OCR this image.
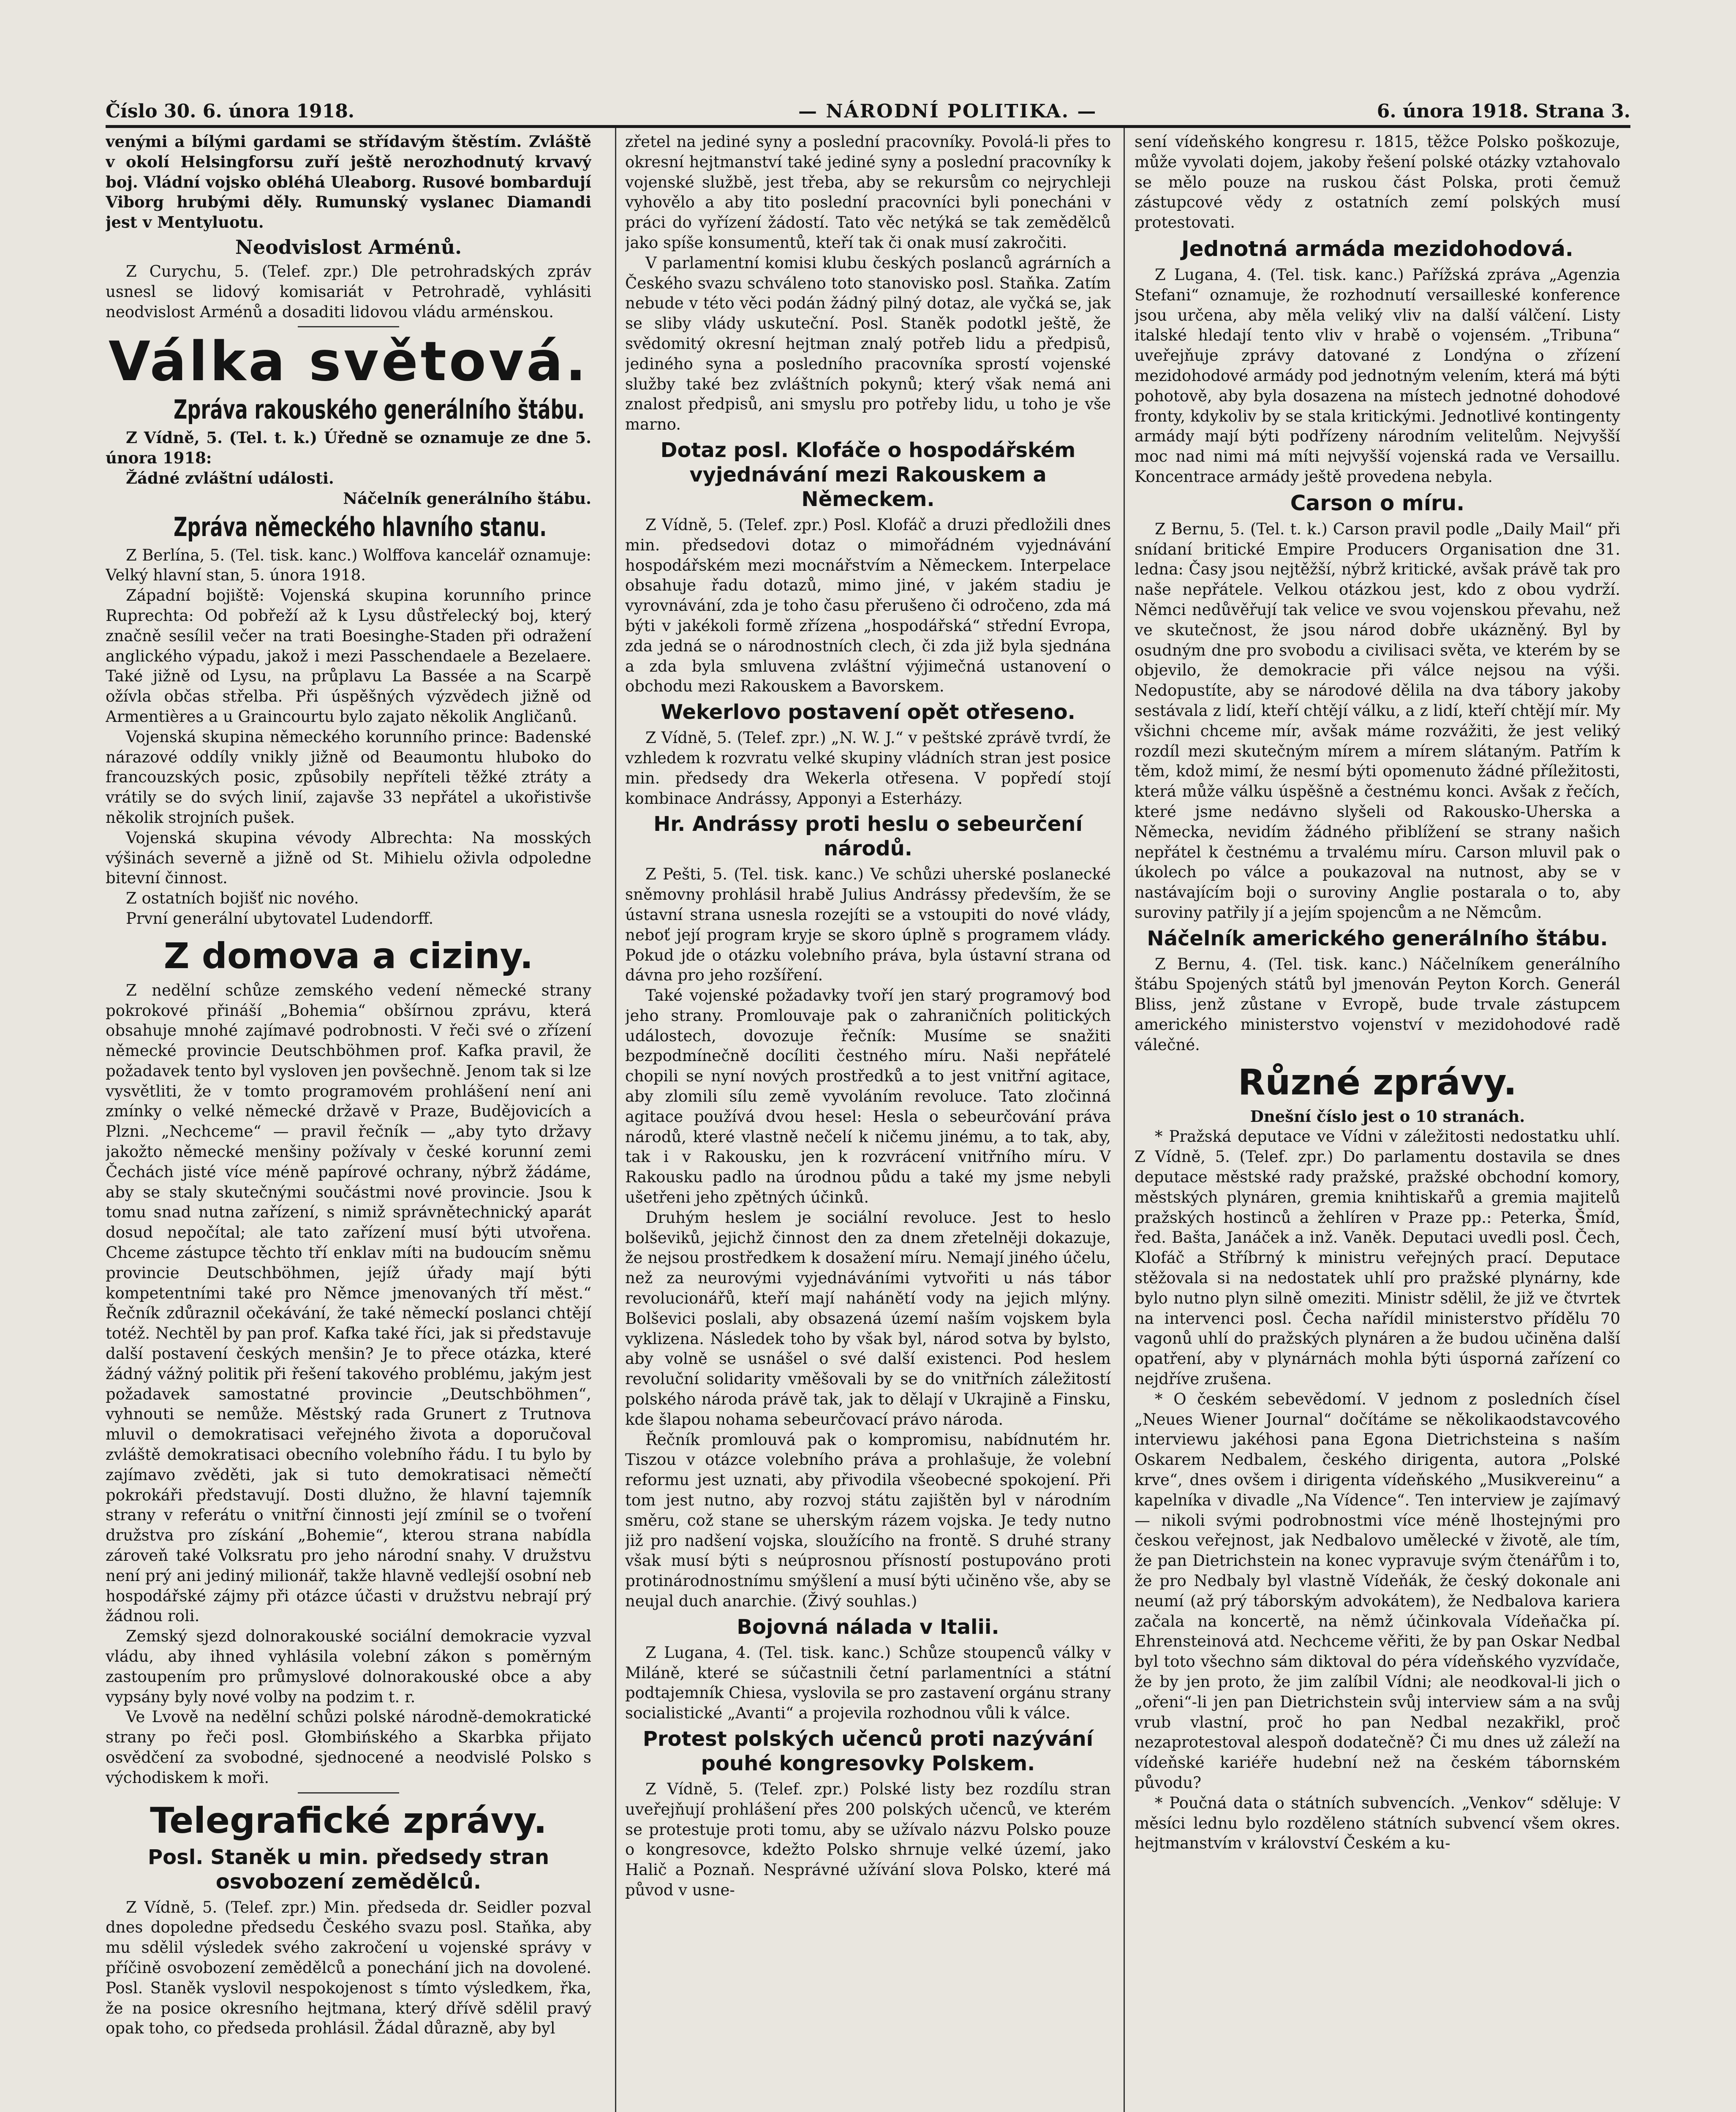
Číslo 30. 6. února 1918.	— NÁRODNÍ POLITIKA. —	6. února 1918. Strana 3.

venými a bílými gardami se střídavým štěstím. Zvláště v okolí Helsingforsu zuří ještě nerozhodnutý krvavý boj. Vládní vojsko obléhá Uleaborg. Rusové bombardují Viborg hrubými děly. Rumunský vyslanec Diamandi jest v Mentyluotu.

Neodvislost Arménů.

Z Curychu, 5. (Telef. zpr.) Dle petrohradských zpráv usnesl se lidový komisariát v Petrohradě, vyhlásiti neodvislost Arménů a dosaditi lidovou vládu arménskou.

Válka světová.
Zpráva rakouského generálního štábu.

Z Vídně, 5. (Tel. t. k.) Úředně se oznamuje ze dne 5. února 1918:

Žádné zvláštní události.

Náčelník generálního štábu.

Zpráva německého hlavního stanu.

Z Berlína, 5. (Tel. tisk. kanc.) Wolffova kancelář oznamuje: Velký hlavní stan, 5. února 1918.

Západní bojiště: Vojenská skupina korunního prince Ruprechta: Od pobřeží až k Lysu důstřelecký boj, který značně sesílil večer na trati Boesinghe-Staden při odražení anglického výpadu, jakož i mezi Passchendaele a Bezelaere. Také jižně od Lysu, na průplavu La Bassée a na Scarpě ožívla občas střelba. Při úspěšných výzvědech jižně od Armentières a u Graincourtu bylo zajato několik Angličanů.

Vojenská skupina německého korunního prince: Badenské nárazové oddíly vnikly jižně od Beaumontu hluboko do francouzských posic, způsobily nepříteli těžké ztráty a vrátily se do svých linií, zajavše 33 nepřátel a ukořistivše několik strojních pušek.

Vojenská skupina vévody Albrechta: Na mosských výšinách severně a jižně od St. Mihielu oživla odpoledne bitevní činnost.

Z ostatních bojišť nic nového.

První generální ubytovatel Ludendorff.

Z domova a ciziny.

Z nedělní schůze zemského vedení německé strany pokrokové přináší „Bohemia“ obšírnou zprávu, která obsahuje mnohé zajímavé podrobnosti. V řeči své o zřízení německé provincie Deutschböhmen prof. Kafka pravil, že požadavek tento byl vysloven jen povšechně. Jenom tak si lze vysvětliti, že v tomto programovém prohlášení není ani zmínky o velké německé državě v Praze, Budějovicích a Plzni. „Nechceme“ — pravil řečník — „aby tyto državy jakožto německé menšiny požívaly v české korunní zemi Čechách jisté více méně papírové ochrany, nýbrž žádáme, aby se staly skutečnými součástmi nové provincie. Jsou k tomu snad nutna zařízení, s nimiž správnětechnický aparát dosud nepočítal; ale tato zařízení musí býti utvořena. Chceme zástupce těchto tří enklav míti na budoucím sněmu provincie Deutschböhmen, jejíž úřady mají býti kompetentními také pro Němce jmenovaných tří měst.“ Řečník zdůraznil očekávání, že také německí poslanci chtějí totéž. Nechtěl by pan prof. Kafka také říci, jak si představuje další postavení českých menšin? Je to přece otázka, které žádný vážný politik při řešení takového problému, jakým jest požadavek samostatné provincie „Deutschböhmen“, vyhnouti se nemůže. Městský rada Grunert z Trutnova mluvil o demokratisaci veřejného života a doporučoval zvláště demokratisaci obecního volebního řádu. I tu bylo by zajímavo zvěděti, jak si tuto demokratisaci němečtí pokrokáři představují. Dosti dlužno, že hlavní tajemník strany v referátu o vnitřní činnosti její zmínil se o tvoření družstva pro získání „Bohemie“, kterou strana nabídla zároveň také Volksratu pro jeho národní snahy. V družstvu není prý ani jediný milionář, takže hlavně vedlejší osobní neb hospodářské zájmy při otázce účasti v družstvu nebrají prý žádnou roli.

Zemský sjezd dolnorakouské sociální demokracie vyzval vládu, aby ihned vyhlásila volební zákon s poměrným zastoupením pro průmyslové dolnorakouské obce a aby vypsány byly nové volby na podzim t. r.

Ve Lvově na nedělní schůzi polské národně-demokratické strany po řeči posl. Głombińského a Skarbka přijato osvědčení za svobodné, sjednocené a neodvislé Polsko s východiskem k moři.

Telegrafické zprávy.
Posl. Staněk u min. předsedy stran osvobození zemědělců.

Z Vídně, 5. (Telef. zpr.) Min. předseda dr. Seidler pozval dnes dopoledne předsedu Českého svazu posl. Staňka, aby mu sdělil výsledek svého zakročení u vojenské správy v příčině osvobození zemědělců a ponechání jich na dovolené. Posl. Staněk vyslovil nespokojenost s tímto výsledkem, řka, že na posice okresního hejtmana, který dřívě sdělil pravý opak toho, co předseda prohlásil. Žádal důrazně, aby byl

zřetel na jediné syny a poslední pracovníky. Povolá-li přes to okresní hejtmanství také jediné syny a poslední pracovníky k vojenské službě, jest třeba, aby se rekursům co nejrychleji vyhovělo a aby tito poslední pracovníci byli ponecháni v práci do vyřízení žádostí. Tato věc netýká se tak zemědělců jako spíše konsumentů, kteří tak či onak musí zakročiti.

V parlamentní komisi klubu českých poslanců agrárních a Českého svazu schváleno toto stanovisko posl. Staňka. Zatím nebude v této věci podán žádný pilný dotaz, ale vyčká se, jak se sliby vlády uskuteční. Posl. Staněk podotkl ještě, že svědomitý okresní hejtman znalý potřeb lidu a předpisů, jediného syna a posledního pracovníka sprostí vojenské služby také bez zvláštních pokynů; který však nemá ani znalost předpisů, ani smyslu pro potřeby lidu, u toho je vše marno.

Dotaz posl. Klofáče o hospodářském vyjednávání mezi Rakouskem a Německem.

Z Vídně, 5. (Telef. zpr.) Posl. Klofáč a druzi předložili dnes min. předsedovi dotaz o mimořádném vyjednávání hospodářském mezi mocnářstvím a Německem. Interpelace obsahuje řadu dotazů, mimo jiné, v jakém stadiu je vyrovnávání, zda je toho času přerušeno či odročeno, zda má býti v jakékoli formě zřízena „hospodářská“ střední Evropa, zda jedná se o národnostních clech, či zda již byla sjednána a zda byla smluvena zvláštní výjimečná ustanovení o obchodu mezi Rakouskem a Bavorskem.

Wekerlovo postavení opět otřeseno.

Z Vídně, 5. (Telef. zpr.) „N. W. J.“ v peštské zprávě tvrdí, že vzhledem k rozvratu velké skupiny vládních stran jest posice min. předsedy dra Wekerla otřesena. V popředí stojí kombinace Andrássy, Apponyi a Esterházy.

Hr. Andrássy proti heslu o sebeurčení národů.

Z Pešti, 5. (Tel. tisk. kanc.) Ve schůzi uherské poslanecké sněmovny prohlásil hrabě Julius Andrássy především, že se ústavní strana usnesla rozejíti se a vstoupiti do nové vlády, neboť její program kryje se skoro úplně s programem vlády. Pokud jde o otázku volebního práva, byla ústavní strana od dávna pro jeho rozšíření.

Také vojenské požadavky tvoří jen starý programový bod jeho strany. Promlouvaje pak o zahraničních politických událostech, dovozuje řečník: Musíme se snažiti bezpodmínečně docíliti čestného míru. Naši nepřátelé chopili se nyní nových prostředků a to jest vnitřní agitace, aby zlomili sílu země vyvoláním revoluce. Tato zločinná agitace používá dvou hesel: Hesla o sebeurčování práva národů, které vlastně nečelí k ničemu jinému, a to tak, aby, tak i v Rakousku, jen k rozvrácení vnitřního míru. V Rakousku padlo na úrodnou půdu a také my jsme nebyli ušetřeni jeho zpětných účinků.

Druhým heslem je sociální revoluce. Jest to heslo bolševiků, jejichž činnost den za dnem zřetelněji dokazuje, že nejsou prostředkem k dosažení míru. Nemají jiného účelu, než za neurovými vyjednáváními vytvořiti u nás tábor revolucionářů, kteří mají nahánětí vody na jejich mlýny. Bolševici poslali, aby obsazená území naším vojskem byla vyklizena. Následek toho by však byl, národ sotva by bylsto, aby volně se usnášel o své další existenci. Pod heslem revoluční solidarity vměšovali by se do vnitřních záležitostí polského národa právě tak, jak to dělají v Ukrajině a Finsku, kde šlapou nohama sebeurčovací právo národa.

Řečník promlouvá pak o kompromisu, nabídnutém hr. Tiszou v otázce volebního práva a prohlašuje, že volební reformu jest uznati, aby přivodila všeobecné spokojení. Při tom jest nutno, aby rozvoj státu zajištěn byl v národním směru, což stane se uherským rázem vojska. Je tedy nutno již pro nadšení vojska, sloužícího na frontě. S druhé strany však musí býti s neúprosnou přísností postupováno proti protinárodnostnímu smýšlení a musí býti učiněno vše, aby se neujal duch anarchie. (Živý souhlas.)

Bojovná nálada v Italii.

Z Lugana, 4. (Tel. tisk. kanc.) Schůze stoupenců války v Miláně, které se súčastnili četní parlamentníci a státní podtajemník Chiesa, vyslovila se pro zastavení orgánu strany socialistické „Avanti“ a projevila rozhodnou vůli k válce.

Protest polských učenců proti nazývání pouhé kongresovky Polskem.

Z Vídně, 5. (Telef. zpr.) Polské listy bez rozdílu stran uveřejňují prohlášení přes 200 polských učenců, ve kterém se protestuje proti tomu, aby se užívalo názvu Polsko pouze o kongresovce, kdežto Polsko shrnuje velké území, jako Halič a Poznaň. Nesprávné užívání slova Polsko, které má původ v usne-

sení vídeňského kongresu r. 1815, těžce Polsko poškozuje, může vyvolati dojem, jakoby řešení polské otázky vztahovalo se mělo pouze na ruskou část Polska, proti čemuž zástupcové vědy z ostatních zemí polských musí protestovati.

Jednotná armáda mezidohodová.

Z Lugana, 4. (Tel. tisk. kanc.) Pařížská zpráva „Agenzia Stefani“ oznamuje, že rozhodnutí versailleské konference jsou určena, aby měla veliký vliv na další válčení. Listy italské hledají tento vliv v hrabě o vojensém. „Tribuna“ uveřejňuje zprávy datované z Londýna o zřízení mezidohodové armády pod jednotným velením, která má býti pohotově, aby byla dosazena na místech jednotné dohodové fronty, kdykoliv by se stala kritickými. Jednotlivé kontingenty armády mají býti podřízeny národním velitelům. Nejvyšší moc nad nimi má míti nejvyšší vojenská rada ve Versaillu. Koncentrace armády ještě provedena nebyla.

Carson o míru.

Z Bernu, 5. (Tel. t. k.) Carson pravil podle „Daily Mail“ při snídaní britické Empire Producers Organisation dne 31. ledna: Časy jsou nejtěžší, nýbrž kritické, avšak právě tak pro naše nepřátele. Velkou otázkou jest, kdo z obou vydrží. Němci nedůvěřují tak velice ve svou vojenskou převahu, než ve skutečnost, že jsou národ dobře ukázněný. Byl by osudným dne pro svobodu a civilisaci světa, ve kterém by se objevilo, že demokracie při válce nejsou na výši. Nedopustíte, aby se národové dělila na dva tábory jakoby sestávala z lidí, kteří chtějí válku, a z lidí, kteří chtějí mír. My všichni chceme mír, avšak máme rozvážiti, že jest veliký rozdíl mezi skutečným mírem a mírem slátaným. Patřím k těm, kdož mimí, že nesmí býti opomenuto žádné příležitosti, která může válku úspěšně a čestnému konci. Avšak z řečích, které jsme nedávno slyšeli od Rakousko-Uherska a Německa, nevidím žádného přiblížení se strany našich nepřátel k čestnému a trvalému míru. Carson mluvil pak o úkolech po válce a poukazoval na nutnost, aby se v nastávajícím boji o suroviny Anglie postarala o to, aby suroviny patřily jí a jejím spojencům a ne Němcům.

Náčelník amerického generálního štábu.

Z Bernu, 4. (Tel. tisk. kanc.) Náčelníkem generálního štábu Spojených států byl jmenován Peyton Korch. Generál Bliss, jenž zůstane v Evropě, bude trvale zástupcem amerického ministerstvo vojenství v mezidohodové radě válečné.

Různé zprávy.

Dnešní číslo jest o 10 stranách.

* Pražská deputace ve Vídni v záležitosti nedostatku uhlí. Z Vídně, 5. (Telef. zpr.) Do parlamentu dostavila se dnes deputace městské rady pražské, pražské obchodní komory, městských plynáren, gremia knihtiskařů a gremia majitelů pražských hostinců a žehlíren v Praze pp.: Peterka, Šmíd, řed. Bašta, Janáček a inž. Vaněk. Deputaci uvedli posl. Čech, Klofáč a Stříbrný k ministru veřejných prací. Deputace stěžovala si na nedostatek uhlí pro pražské plynárny, kde bylo nutno plyn silně omeziti. Ministr sdělil, že již ve čtvrtek na intervenci posl. Čecha nařídil ministerstvo přídělu 70 vagonů uhlí do pražských plynáren a že budou učiněna další opatření, aby v plynárnách mohla býti úsporná zařízení co nejdříve zrušena.

* O českém sebevědomí. V jednom z posledních čísel „Neues Wiener Journal“ dočítáme se několikaodstavcového interviewu jakéhosi pana Egona Dietrichsteina s naším Oskarem Nedbalem, českého dirigenta, autora „Polské krve“, dnes ovšem i dirigenta vídeňského „Musikvereinu“ a kapelníka v divadle „Na Vídence“. Ten interview je zajímavý — nikoli svými podrobnostmi více méně lhostejnými pro českou veřejnost, jak Nedbalovo umělecké v životě, ale tím, že pan Dietrichstein na konec vypravuje svým čtenářům i to, že pro Nedbaly byl vlastně Vídeňák, že český dokonale ani neumí (až prý táborským advokátem), že Nedbalova kariera začala na koncertě, na němž účinkovala Vídeňačka pí. Ehrensteinová atd. Nechceme věřiti, že by pan Oskar Nedbal byl toto všechno sám diktoval do péra vídeňského vyzvídače, že by jen proto, že jim zalíbil Vídni; ale neodkoval-li jich o „ořeni“-li jen pan Dietrichstein svůj interview sám a na svůj vrub vlastní, proč ho pan Nedbal nezakřikl, proč nezaprotestoval alespoň dodatečně? Či mu dnes už záleží na vídeňské kariéře hudební než na českém tábornském původu?

* Poučná data o státních subvencích. „Venkov“ sděluje: V měsíci lednu bylo rozděleno státních subvencí všem okres. hejtmanstvím v království Českém a ku-
